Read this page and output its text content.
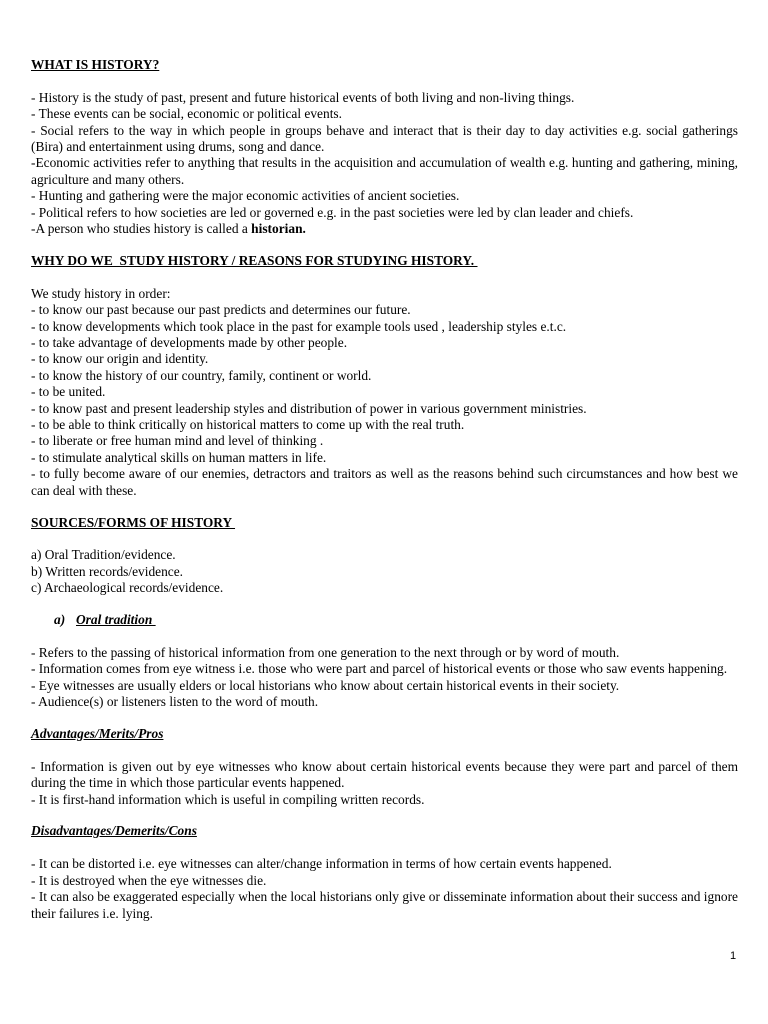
WHAT IS HISTORY?

- History is the study of past, present and future historical events of both living and non-living things.

- These events can be social, economic or political events.

- Social refers to the way in which people in groups behave and interact that is their day to day activities e.g. social gatherings (Bira) and entertainment using drums, song and dance.

-Economic activities refer to anything that results in the acquisition and accumulation of wealth e.g. hunting and gathering, mining, agriculture and many others.

- Hunting and gathering were the major economic activities of ancient societies.

- Political refers to how societies are led or governed e.g. in the past societies were led by clan leader and chiefs.

-A person who studies history is called a historian.

WHY DO WE  STUDY HISTORY / REASONS FOR STUDYING HISTORY.

We study history in order:

- to know our past because our past predicts and determines our future.

- to know developments which took place in the past for example tools used , leadership styles e.t.c.

- to take advantage of developments made by other people.

- to know our origin and identity.

- to know the history of our country, family, continent or world.

- to be united.

- to know past and present leadership styles and distribution of power in various government ministries.

- to be able to think critically on historical matters to come up with the real truth.

- to liberate or free human mind and level of thinking .

- to stimulate analytical skills on human matters in life.

- to fully become aware of our enemies, detractors and traitors as well as the reasons behind such circumstances and how best we can deal with these.

SOURCES/FORMS OF HISTORY

a) Oral Tradition/evidence.

b) Written records/evidence.

c) Archaeological records/evidence.

a) Oral tradition

- Refers to the passing of historical information from one generation to the next through or by word of mouth.

- Information comes from eye witness i.e. those who were part and parcel of historical events or those who saw events happening.

- Eye witnesses are usually elders or local historians who know about certain historical events in their society.

- Audience(s) or listeners listen to the word of mouth.

Advantages/Merits/Pros

- Information is given out by eye witnesses who know about certain historical events because they were part and parcel of them during the time in which those particular events happened.

- It is first-hand information which is useful in compiling written records.

Disadvantages/Demerits/Cons

- It can be distorted i.e. eye witnesses can alter/change information in terms of how certain events happened.

- It is destroyed when the eye witnesses die.

- It can also be exaggerated especially when the local historians only give or disseminate information about their success and ignore their failures i.e. lying.

1
